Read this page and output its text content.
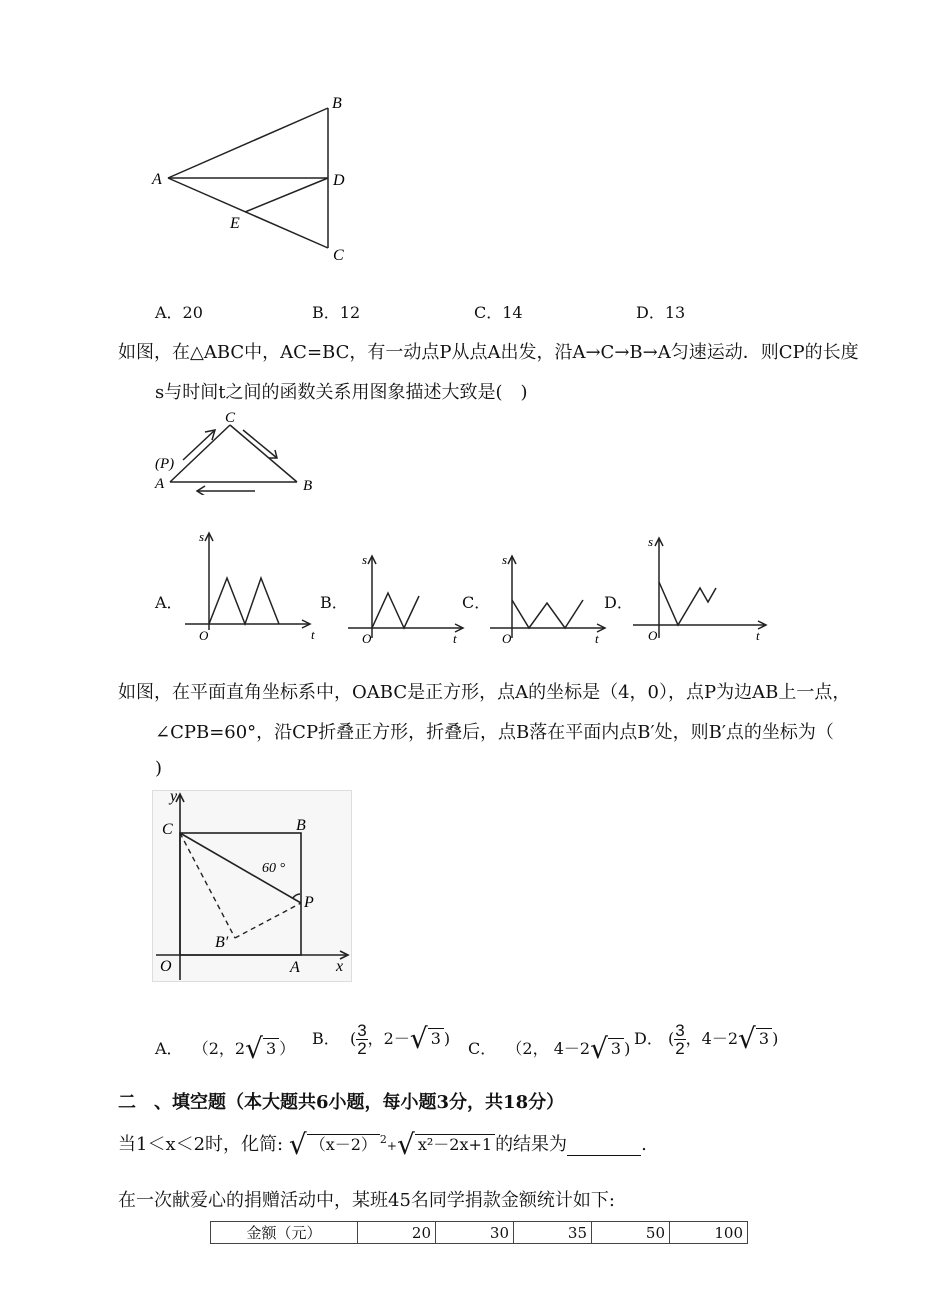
B
A	D
E
C
A．20	B．12	C．14	D．13
如图，在△ABC中，AC=BC，有一动点P从点A出发，沿A→C→B→A匀速运动．则CP的长度
s与时间t之间的函数关系用图象描述大致是(　)
C
(P)
A	B
A．
s
O	t
B．
s
O	t
C．
s
O	t
D．
s
O	t
如图，在平面直角坐标系中，OABC是正方形，点A的坐标是（4，0），点P为边AB上一点，
∠CPB=60°，沿CP折叠正方形，折叠后，点B落在平面内点B′处，则B′点的坐标为（
)
y
C	B
60 °
P
B′
O	A x
A． （2，2√ 3 ）
B． ( $\frac{3}{2}$ ，2－√ 3 )
C． （2， 4－2√ 3 )
D． ( $\frac{3}{2}$ ，4－2√ 3 )
二　、填空题（本大题共6小题，每小题3分，共18分）
当1＜x＜2时，化简: √ （x－2） $^2$+√ x²－2x+1 的结果为	.
在一次献爱心的捐赠活动中，某班45名同学捐款金额统计如下:
金额（元）	20	30	35	50	100
